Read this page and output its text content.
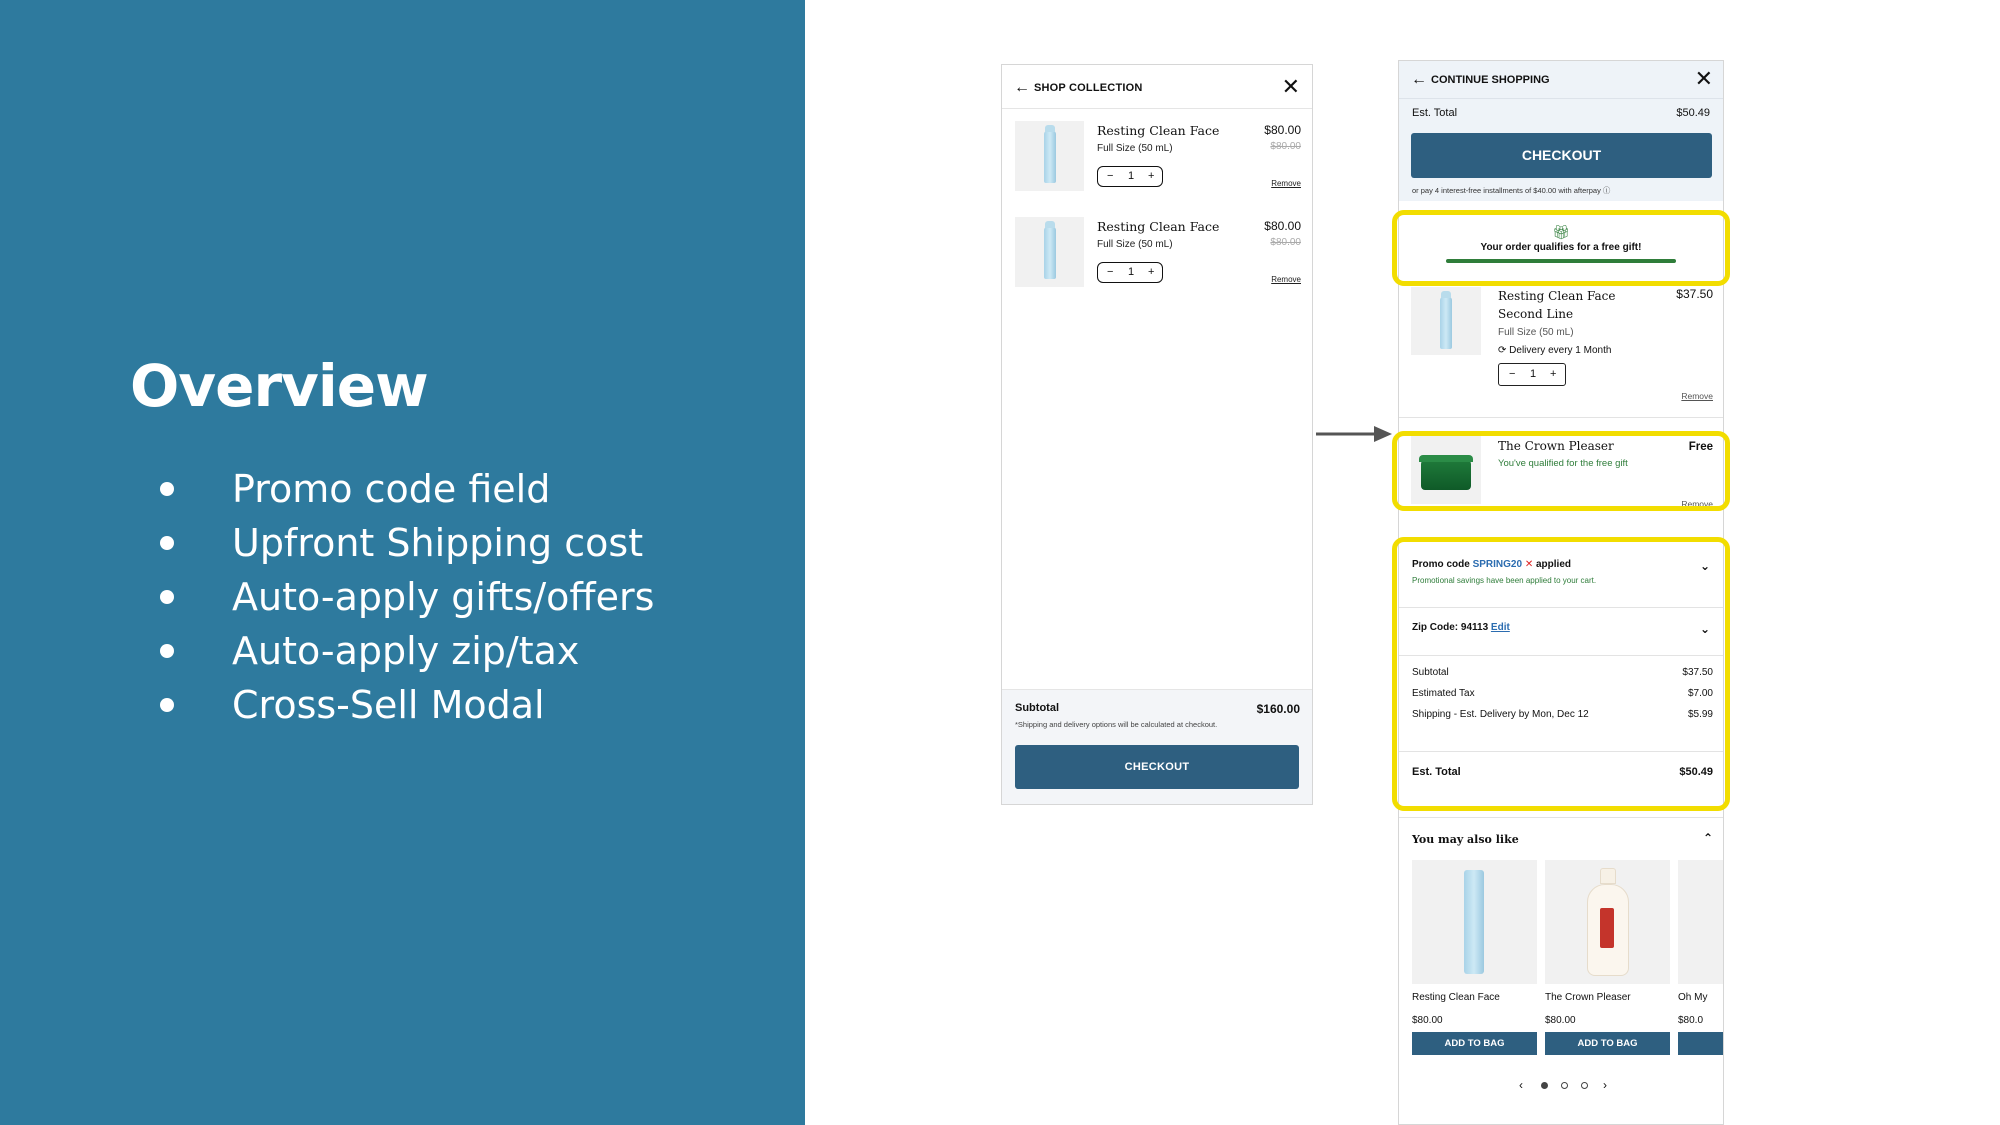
Overview
Promo code field
Upfront Shipping cost
Auto-apply gifts/offers
Auto-apply zip/tax
Cross-Sell Modal
← SHOP COLLECTION	✕
Resting Clean Face
Full Size (50 mL)
$80.00
$80.00
− 1 +
Remove
Resting Clean Face
Full Size (50 mL)
$80.00
$80.00
− 1 +
Remove
Subtotal	$160.00
*Shipping and delivery options will be calculated at checkout.
CHECKOUT
← CONTINUE SHOPPING	✕
Est. Total	$50.49
CHECKOUT
or pay 4 interest-free installments of $40.00 with afterpay ⓘ
🎁︎
Your order qualifies for a free gift!
Resting Clean Face Second Line
$37.50
Full Size (50 mL)
⟳ Delivery every 1 Month
− 1 +
Remove
The Crown Pleaser	Free
You've qualified for the free gift
Remove
Promo code SPRING20 ✕ applied
Promotional savings have been applied to your cart.
⌄
Zip Code: 94113 Edit	⌄
Subtotal	$37.50
Estimated Tax	$7.00
Shipping - Est. Delivery by Mon, Dec 12	$5.99
Est. Total	$50.49
You may also like	⌃
Resting Clean Face
$80.00
ADD TO BAG
The Crown Pleaser
$80.00
ADD TO BAG
Oh My
$80.0
‹	›
